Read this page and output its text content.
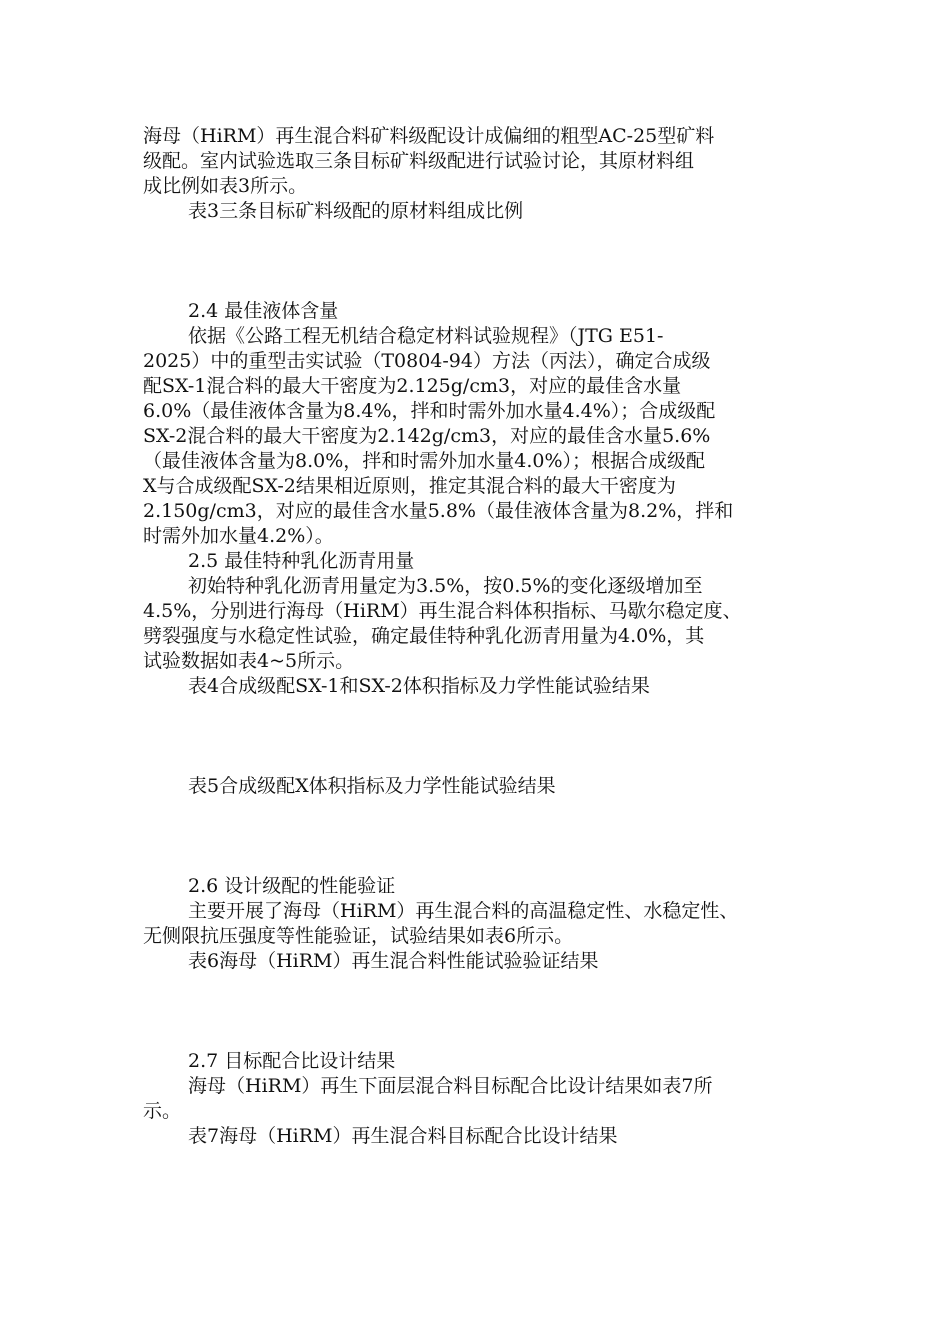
海母（HiRM）再生混合料矿料级配设计成偏细的粗型AC-25型矿料
级配。室内试验选取三条目标矿料级配进行试验讨论，其原材料组
成比例如表3所示。
表3三条目标矿料级配的原材料组成比例
2.4 最佳液体含量
依据《公路工程无机结合稳定材料试验规程》（JTG E51-
2025）中的重型击实试验（T0804-94）方法（丙法），确定合成级
配SX-1混合料的最大干密度为2.125g/cm3，对应的最佳含水量
6.0%（最佳液体含量为8.4%，拌和时需外加水量4.4%）；合成级配
SX-2混合料的最大干密度为2.142g/cm3，对应的最佳含水量5.6%
（最佳液体含量为8.0%，拌和时需外加水量4.0%）；根据合成级配
X与合成级配SX-2结果相近原则，推定其混合料的最大干密度为
2.150g/cm3，对应的最佳含水量5.8%（最佳液体含量为8.2%，拌和
时需外加水量4.2%）。
2.5 最佳特种乳化沥青用量
初始特种乳化沥青用量定为3.5%，按0.5%的变化逐级增加至
4.5%，分别进行海母（HiRM）再生混合料体积指标、马歇尔稳定度、
劈裂强度与水稳定性试验，确定最佳特种乳化沥青用量为4.0%，其
试验数据如表4~5所示。
表4合成级配SX-1和SX-2体积指标及力学性能试验结果
表5合成级配X体积指标及力学性能试验结果
2.6 设计级配的性能验证
主要开展了海母（HiRM）再生混合料的高温稳定性、水稳定性、
无侧限抗压强度等性能验证，试验结果如表6所示。
表6海母（HiRM）再生混合料性能试验验证结果
2.7 目标配合比设计结果
海母（HiRM）再生下面层混合料目标配合比设计结果如表7所
示。
表7海母（HiRM）再生混合料目标配合比设计结果
